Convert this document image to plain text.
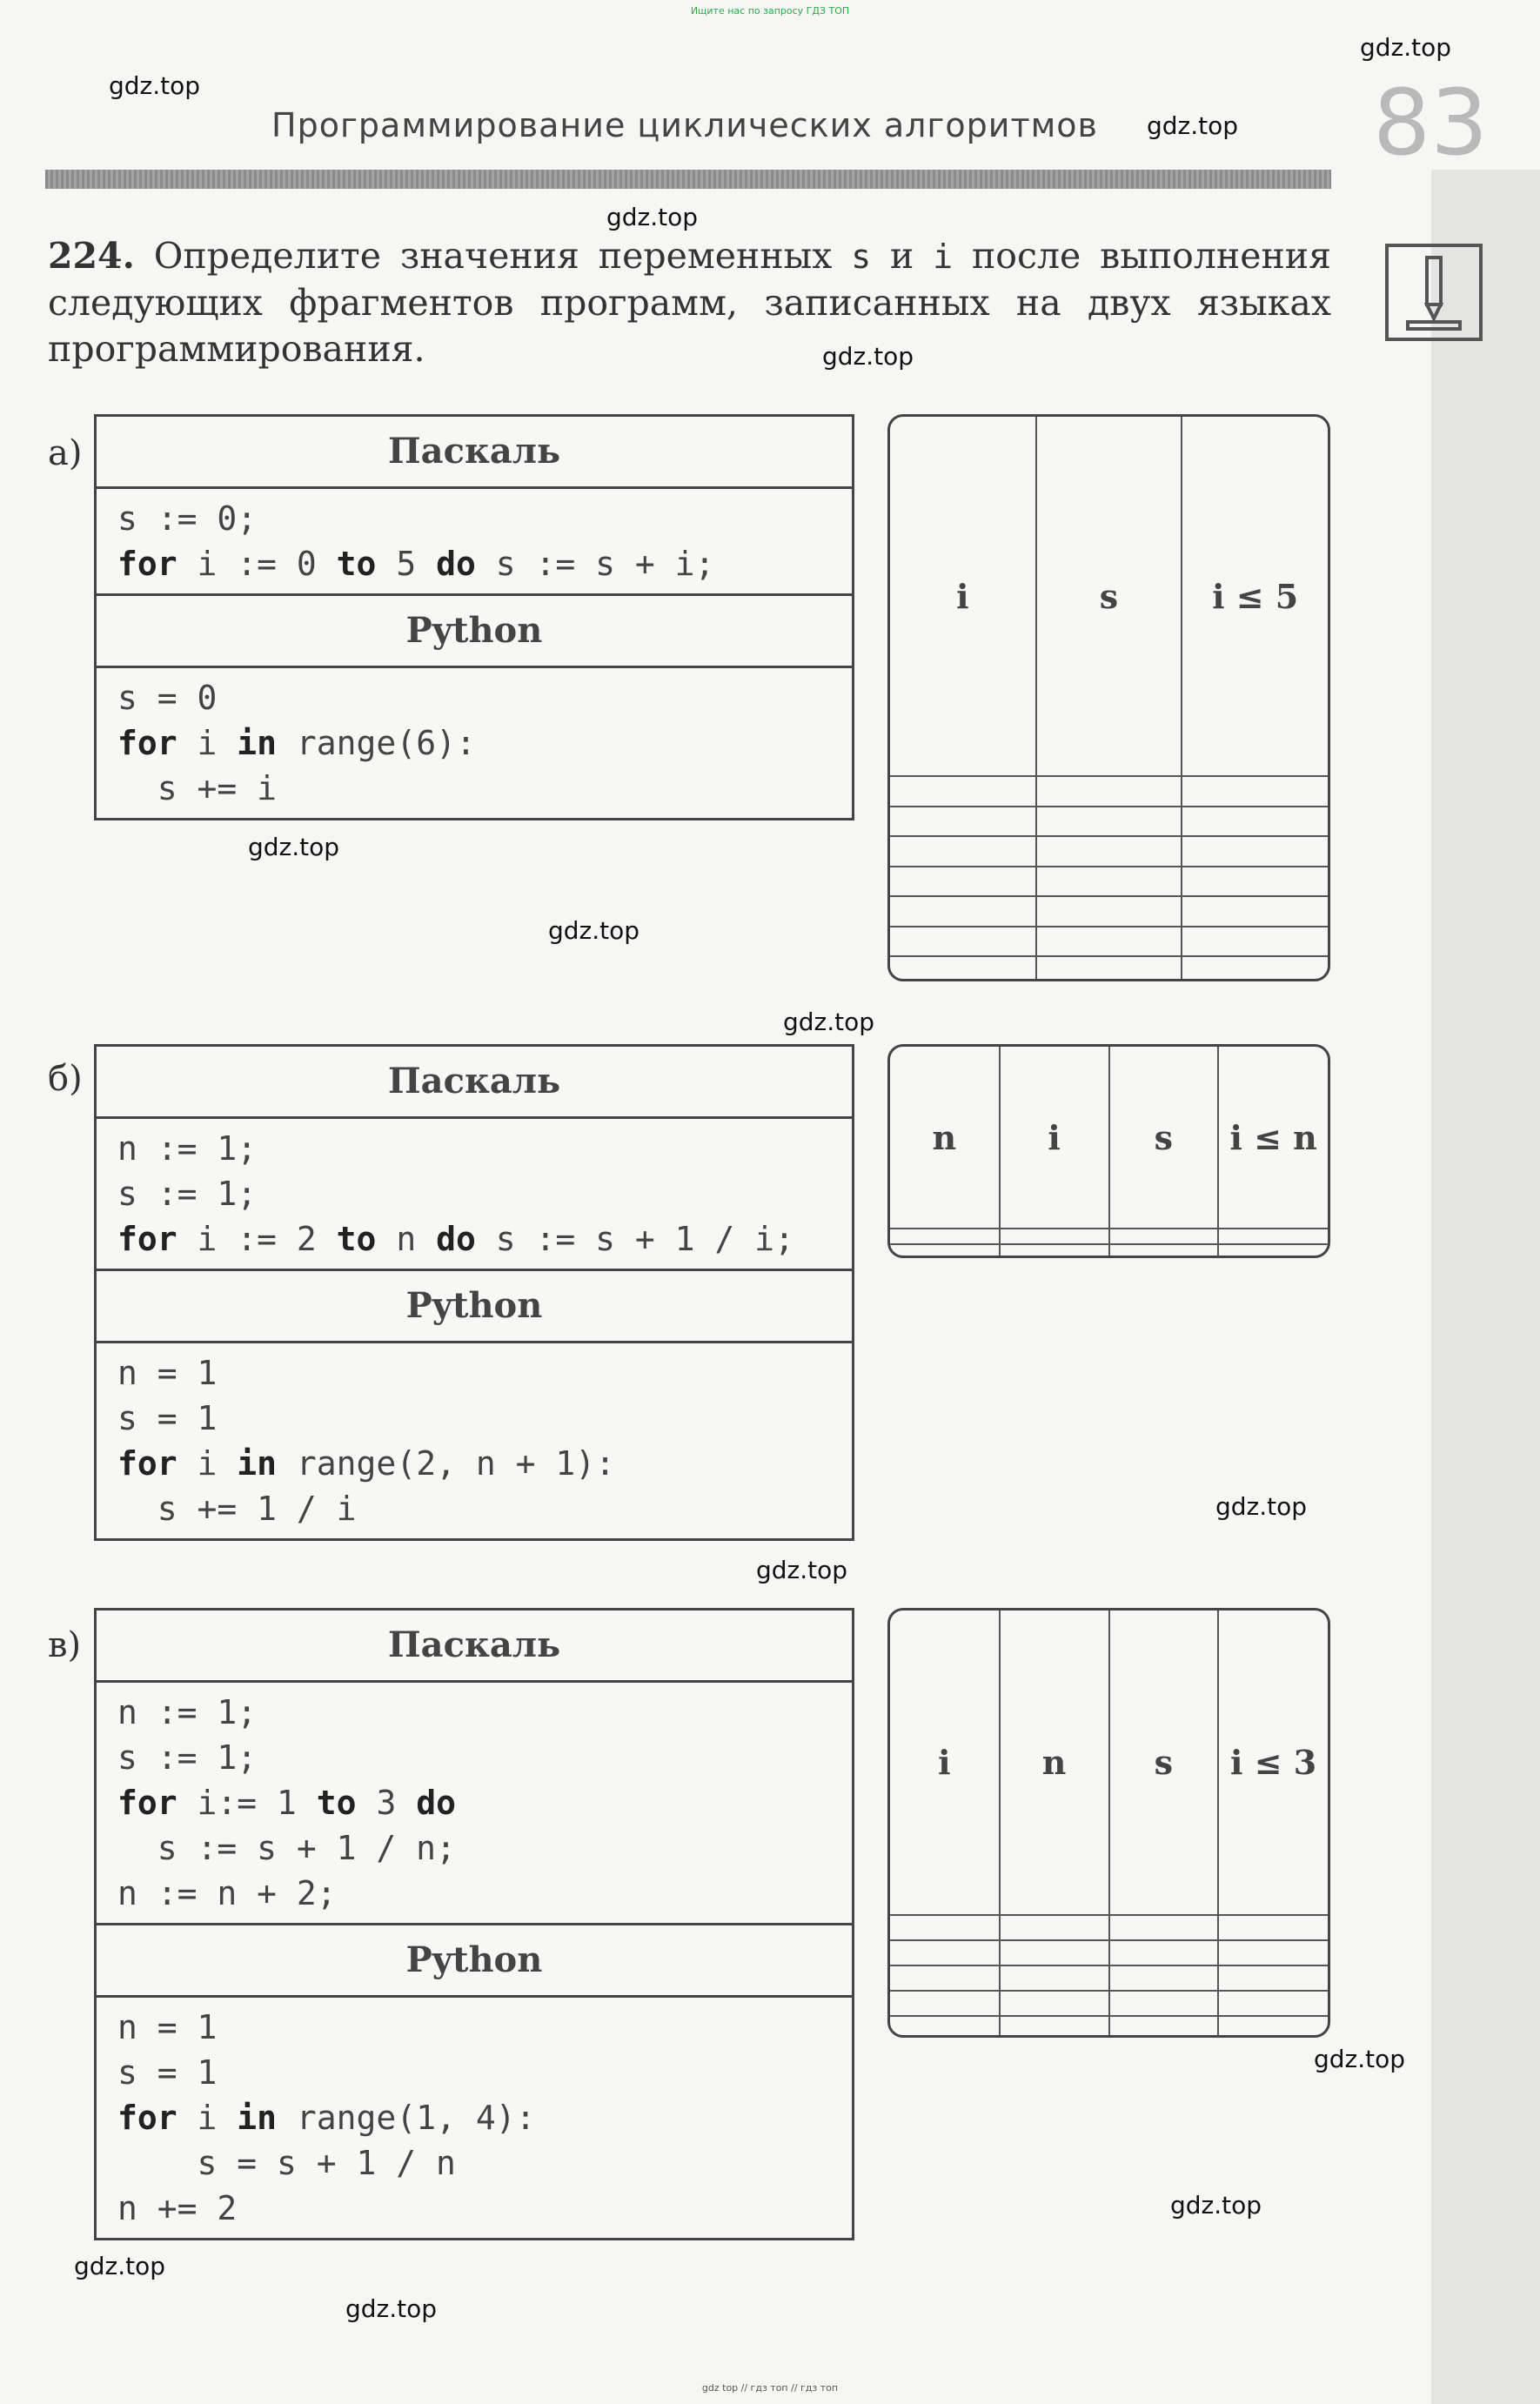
Ищите нас по запросу ГДЗ ТОП
Программирование циклических алгоритмов	83
gdz.top
gdz.top
gdz.top
gdz.top
gdz.top
gdz.top
gdz.top
gdz.top
gdz.top
gdz.top
gdz.top
gdz.top
gdz.top
gdz.top
224. Определите значения переменных s и i после выполнения следующих фрагментов программ, записанных на двух языках программирования.
а)	Паскаль
s := 0;
for i := 0 to 5 do s := s + i;
Python
s = 0
for i in range(6):
s += i
i	s	i ≤ 5

б)	Паскаль
n := 1;
s := 1;
for i := 2 to n do s := s + 1 / i;
Python
n = 1
s = 1
for i in range(2, n + 1):
s += 1 / i
n	i	s	i ≤ n

в)	Паскаль
n := 1;
s := 1;
for i:= 1 to 3 do
s := s + 1 / n;
n := n + 2;
Python
n = 1
s = 1
for i in range(1, 4):
s = s + 1 / n
n += 2
i	n	s	i ≤ 3

gdz top // гдз топ // гдз топ
